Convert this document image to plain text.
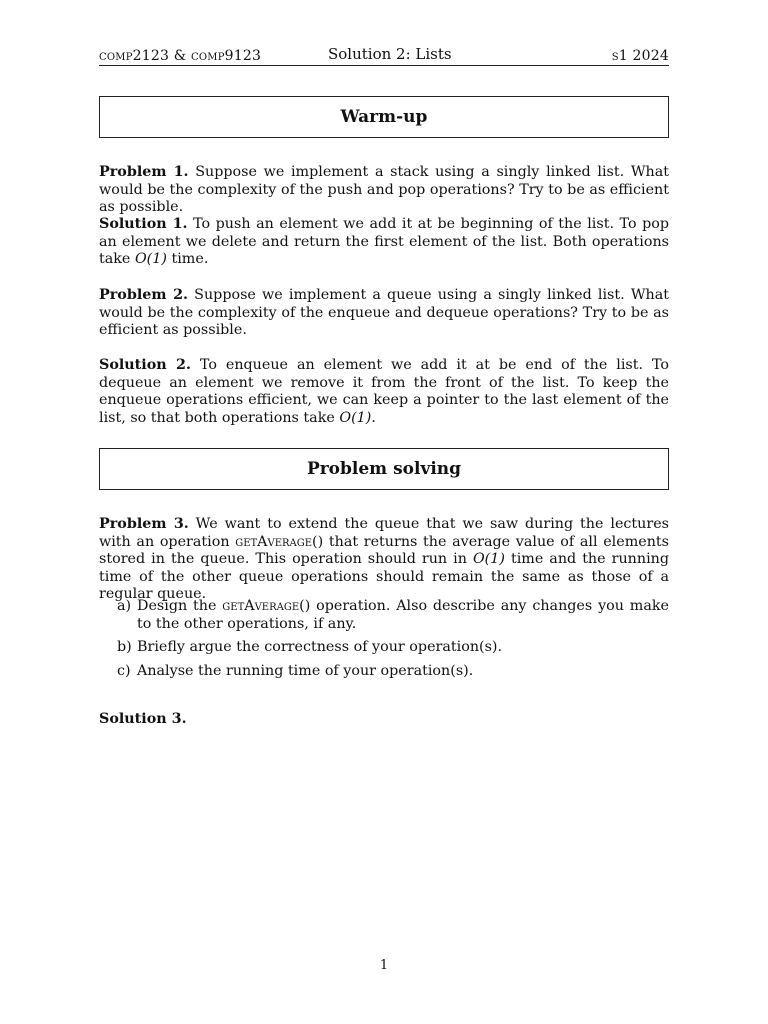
comp2123 & comp9123	Solution 2: Lists	s1 2024
Warm-up
Problem 1. Suppose we implement a stack using a singly linked list. What would be the complexity of the push and pop operations? Try to be as efficient as possible.
Solution 1. To push an element we add it at be beginning of the list. To pop an element we delete and return the first element of the list. Both operations take O(1) time.
Problem 2. Suppose we implement a queue using a singly linked list. What would be the complexity of the enqueue and dequeue operations? Try to be as efficient as possible.
Solution 2. To enqueue an element we add it at be end of the list. To dequeue an element we remove it from the front of the list. To keep the enqueue operations efficient, we can keep a pointer to the last element of the list, so that both operations take O(1).
Problem solving
Problem 3. We want to extend the queue that we saw during the lectures with an operation getAverage() that returns the average value of all elements stored in the queue. This operation should run in O(1) time and the running time of the other queue operations should remain the same as those of a regular queue.
a) Design the getAverage() operation. Also describe any changes you make to the other operations, if any.
b) Briefly argue the correctness of your operation(s).
c) Analyse the running time of your operation(s).
Solution 3.
1
